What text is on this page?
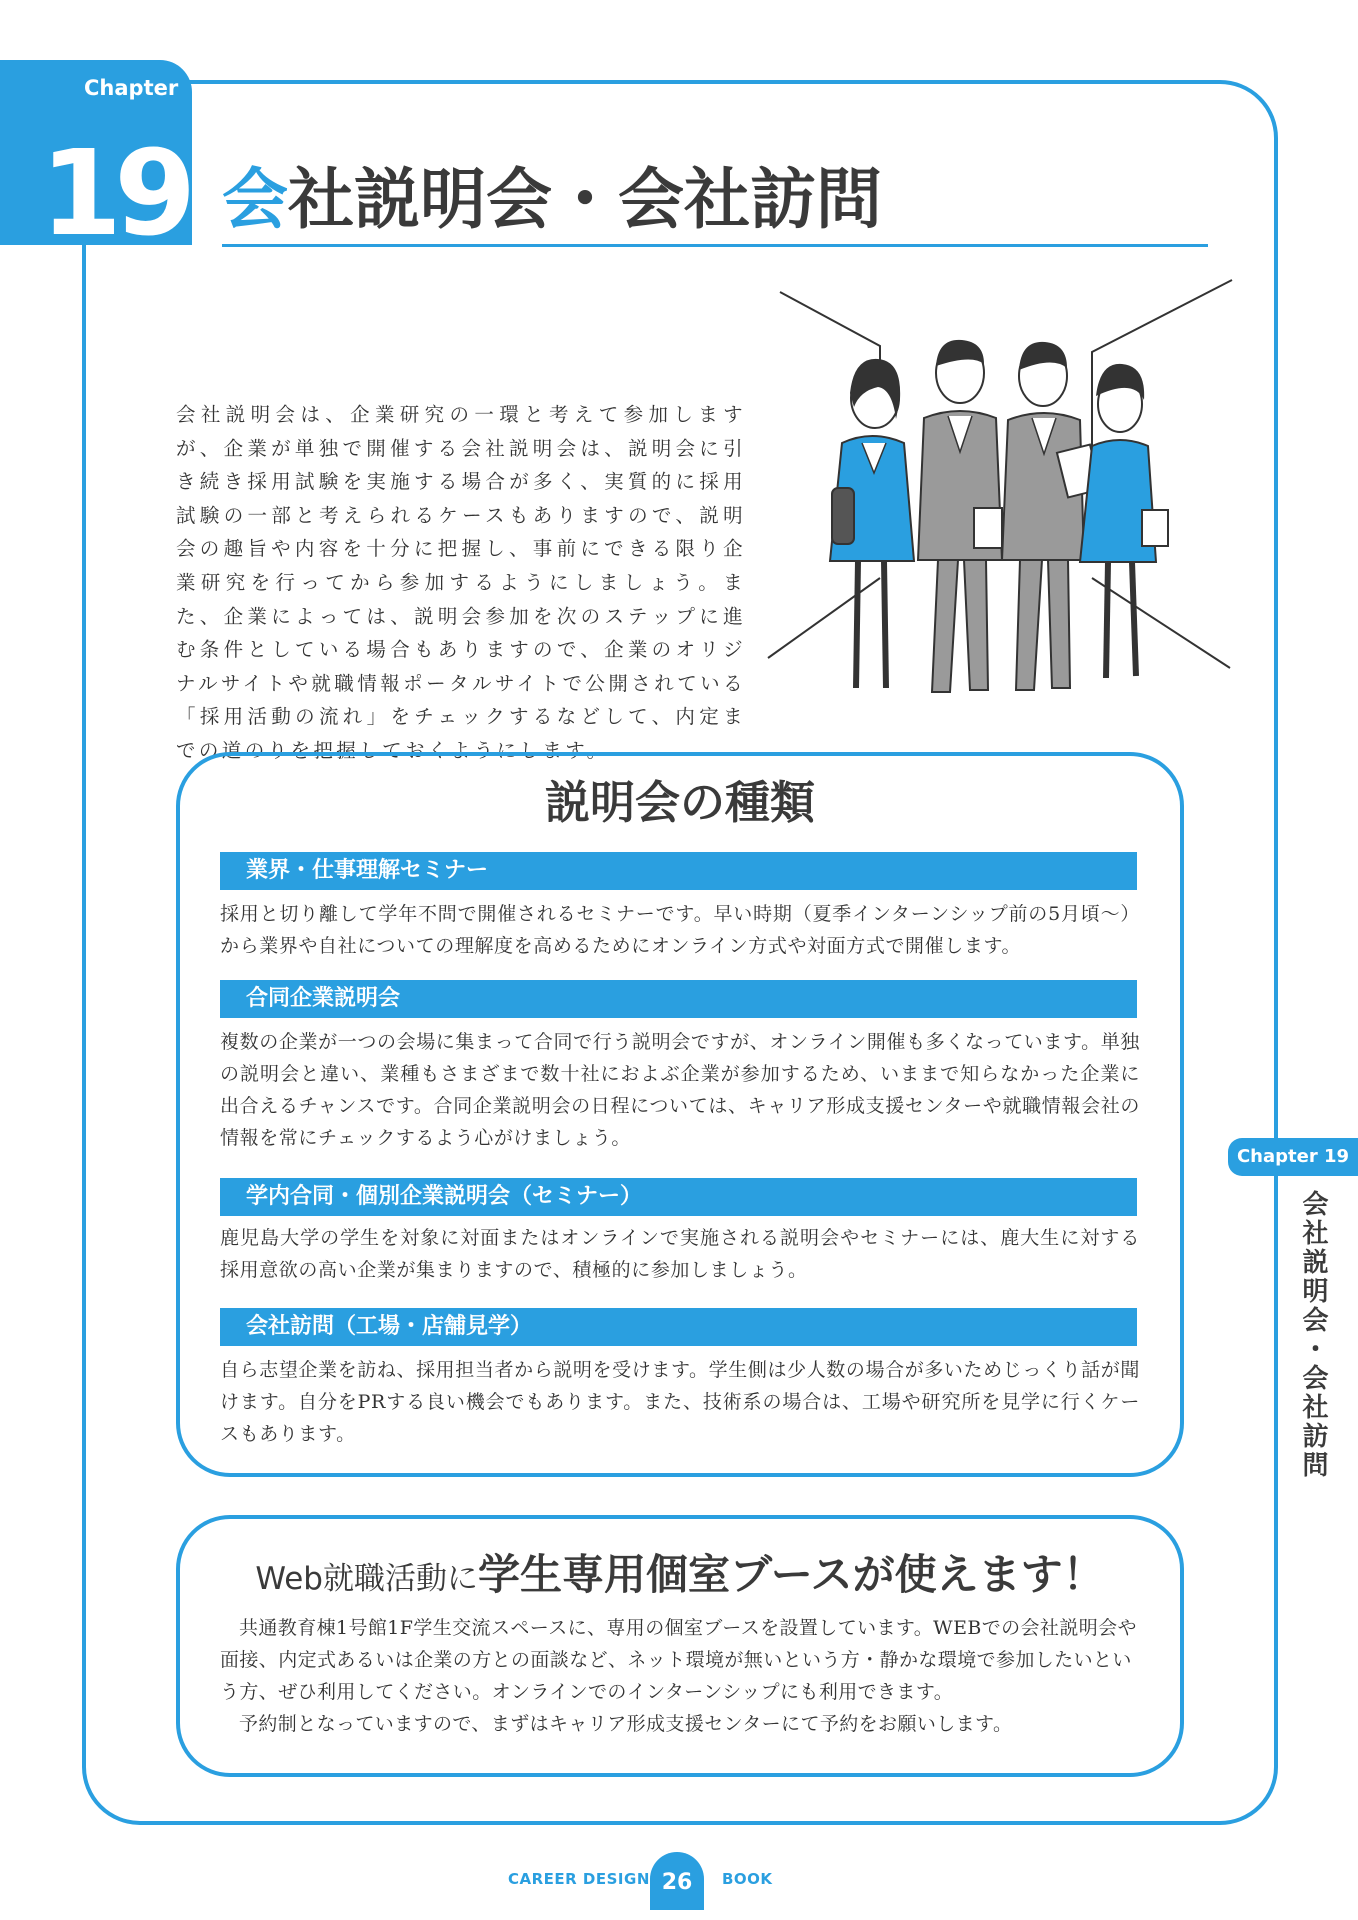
Chapter
19 会社説明会・会社訪問
会社説明会は、企業研究の一環と考えて参加しますが、企業が単独で開催する会社説明会は、説明会に引き続き採用試験を実施する場合が多く、実質的に採用試験の一部と考えられるケースもありますので、説明会の趣旨や内容を十分に把握し、事前にできる限り企業研究を行ってから参加するようにしましょう。また、企業によっては、説明会参加を次のステップに進む条件としている場合もありますので、企業のオリジナルサイトや就職情報ポータルサイトで公開されている「採用活動の流れ」をチェックするなどして、内定までの道のりを把握しておくようにします。
説明会の種類
業界・仕事理解セミナー
採用と切り離して学年不問で開催されるセミナーです。早い時期（夏季インターンシップ前の5月頃〜）から業界や自社についての理解度を高めるためにオンライン方式や対面方式で開催します。
合同企業説明会
複数の企業が一つの会場に集まって合同で行う説明会ですが、オンライン開催も多くなっています。単独の説明会と違い、業種もさまざまで数十社におよぶ企業が参加するため、いままで知らなかった企業に出合えるチャンスです。合同企業説明会の日程については、キャリア形成支援センターや就職情報会社の情報を常にチェックするよう心がけましょう。
学内合同・個別企業説明会（セミナー）
鹿児島大学の学生を対象に対面またはオンラインで実施される説明会やセミナーには、鹿大生に対する採用意欲の高い企業が集まりますので、積極的に参加しましょう。
会社訪問（工場・店舗見学）
自ら志望企業を訪ね、採用担当者から説明を受けます。学生側は少人数の場合が多いためじっくり話が聞けます。自分をPRする良い機会でもあります。また、技術系の場合は、工場や研究所を見学に行くケースもあります。
Web就職活動に学生専用個室ブースが使えます！

共通教育棟1号館1F学生交流スペースに、専用の個室ブースを設置しています。WEBでの会社説明会や面接、内定式あるいは企業の方との面談など、ネット環境が無いという方・静かな環境で参加したいという方、ぜひ利用してください。オンラインでのインターンシップにも利用できます。

予約制となっていますので、まずはキャリア形成支援センターにて予約をお願いします。

Chapter 19
会社説明会・会社訪問
CAREER DESIGN 26	BOOK
